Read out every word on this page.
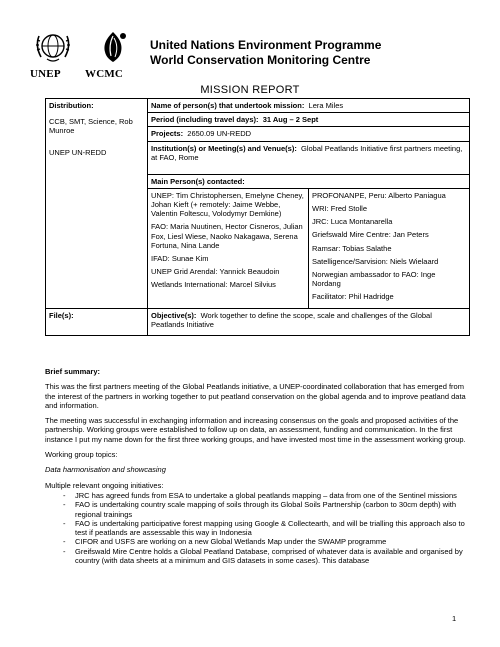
UNEP WCMC
United Nations Environment Programme
World Conservation Monitoring Centre
MISSION REPORT
Distribution:
CCB, SMT, Science, Rob Munroe
UNEP UN-REDD
	Name of person(s) that undertook mission: Lera Miles
Period (including travel days): 31 Aug – 2 Sept
Projects: 2650.09 UN-REDD
Institution(s) or Meeting(s) and Venue(s): Global Peatlands Initiative first partners meeting, at FAO, Rome

Main Person(s) contacted:

UNEP: Tim Christophersen, Emelyne Cheney, Johan Kieft (+ remotely: Jaime Webbe, Valentin Foltescu, Volodymyr Demkine)

FAO: Maria Nuutinen, Hector Cisneros, Julian Fox, Liesl Wiese, Naoko Nakagawa, Serena Fortuna, Nina Lande

IFAD: Sunae Kim

UNEP Grid Arendal: Yannick Beaudoin

Wetlands International: Marcel Silvius

PROFONANPE, Peru: Alberto Paniagua

WRI: Fred Stolle

JRC: Luca Montanarella

Griefswald Mire Centre: Jan Peters

Ramsar: Tobias Salathe

Satelligence/Sarvision: Niels Wielaard

Norwegian ambassador to FAO: Inge Nordang

Facilitator: Phil Hadridge

File(s):	Objective(s): Work together to define the scope, scale and challenges of the Global Peatlands Initiative

Brief summary:

This was the first partners meeting of the Global Peatlands initiative, a UNEP-coordinated collaboration that has emerged from the interest of the partners in working together to put peatland conservation on the global agenda and to improve peatland data and information.

The meeting was successful in exchanging information and increasing consensus on the goals and proposed activities of the partnership. Working groups were established to follow up on data, an assessment, funding and communication. In the first instance I put my name down for the first three working groups, and have invested most time in the assessment working group.

Working group topics:

Data harmonisation and showcasing

Multiple relevant ongoing initiatives:

- JRC has agreed funds from ESA to undertake a global peatlands mapping – data from one of the Sentinel missions
- FAO is undertaking country scale mapping of soils through its Global Soils Partnership (carbon to 30cm depth) with regional trainings
- FAO is undertaking participative forest mapping using Google & Collectearth, and will be trialling this approach also to test if peatlands are assessable this way in Indonesia
- CIFOR and USFS are working on a new Global Wetlands Map under the SWAMP programme
- Greifswald Mire Centre holds a Global Peatland Database, comprised of whatever data is available and organised by country (with data sheets at a minimum and GIS datasets in some cases). This database
1
